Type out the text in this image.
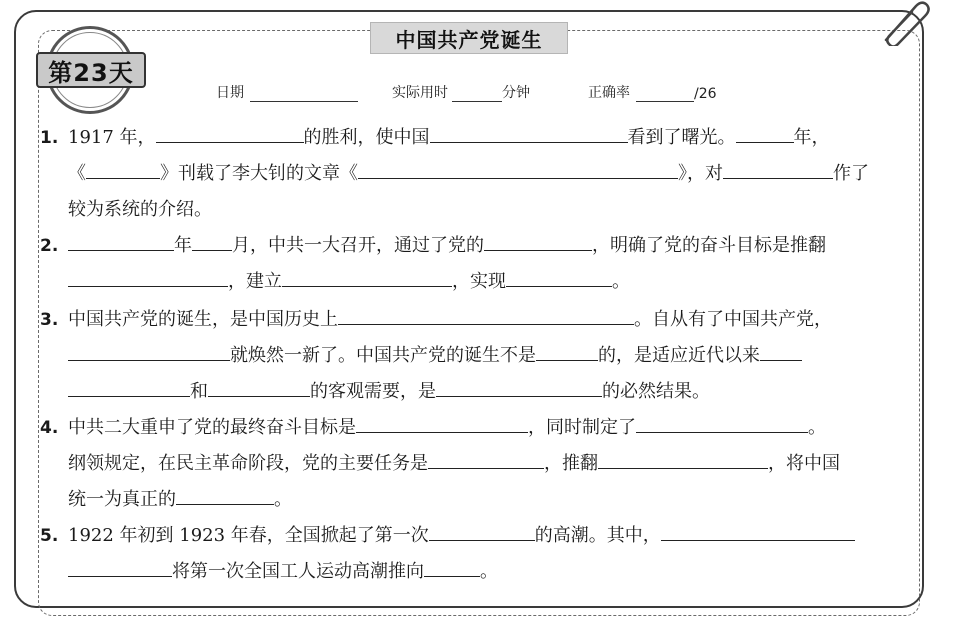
中国共产党诞生
第23天
日期	实际用时	分钟	正确率	/26
1. 1917 年，	的胜利，使中国	看到了曙光。	年，
《	》刊载了李大钊的文章《	》，对	作了
较为系统的介绍。
2.	年 月，中共一大召开，通过了党的	，明确了党的奋斗目标是推翻
，建立	，实现	。
3. 中国共产党的诞生，是中国历史上	。自从有了中国共产党，
就焕然一新了。中国共产党的诞生不是	的，是适应近代以来
和	的客观需要，是	的必然结果。
4. 中共二大重申了党的最终奋斗目标是	，同时制定了	。
纲领规定，在民主革命阶段，党的主要任务是	，推翻	，将中国
统一为真正的	。
5. 1922 年初到 1923 年春，全国掀起了第一次	的高潮。其中，
将第一次全国工人运动高潮推向	。
